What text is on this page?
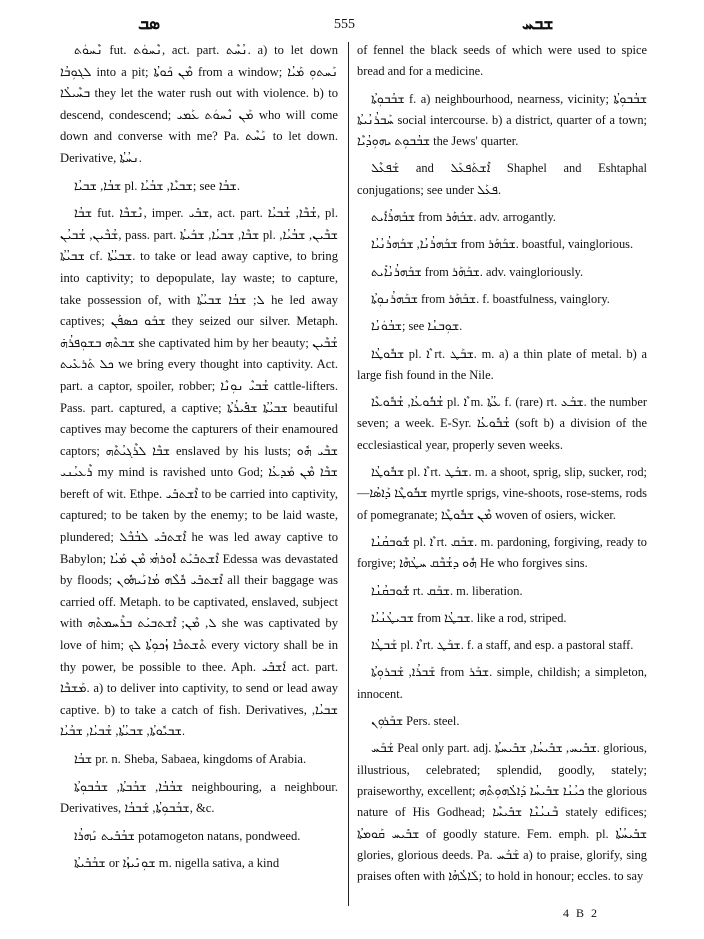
ܣܒ	555	ܫܒܚ

ܢܶܚܘܿܬ fut. ܢܶܚܘܿܬ, act. part. ܢܳܚܶܬ. a) to let down ܠܓܘܼܒܳܐ into a pit; ܡܶܢ ܟܰܘܬܳܐ from a window; ܢܰܚܬܘܼ ܡܰܝܳܐ ܒܚܶܝܠܳܐ they let the water rush out with violence. b) to descend, condescend; ܡܰܢ ܢܶܚܘܿܬ ܥܰܡܝ who will come down and converse with me? Pa. ܢܰܚܶܬ to let down. Derivative, ܢܚܳܬܳܐ.

ܫܒܳܐ, ܫܒܝܳܐ pl. ܫܒܝܶܐ, ܫܒܳܝܳܐ; see ܫܒܳܐ.

ܫܒܳܐ fut. ܢܶܫܒܶܐ, imper. ܫܒܺܝ, act. part. ܫܳܒܶܐ, ܫܳܒܝܳܐ, pl. ܫܳܒܶܝܢ, ܫܳܒܝܳܢ, pass. part. ܫܒܶܐ, ܫܒܝܳܐ, ܫܒܰܝܬܳܐ pl. ܫܒܶܝܢ, ܫܒܳܝܳܐ, ܫܒܝܳܬܳܐ cf. ܫܒܝܳܬܳܐ. to take or lead away captive, to bring into captivity; to depopulate, lay waste; to capture, take possession of, with ܠ; ܫܒܳܐ ܫܒܝܳܬܳܐ he led away captives; ܫܒܰܘ ܟܣܦܰܢ they seized our silver. Metaph. ܫܒܬܶܗ ܒܫܘܼܦܪܳܗ̇ she captivated him by her beauty; ܫܳܒܶܝܢ ܟܠ ܬܰܪܥܺܝܬ we bring every thought into captivity. Act. part. a captor, spoiler, robber; ܫܳܒܝܶ ܢܘܼܢܶܐ cattle-lifters. Pass. part. captured, a captive; ܫܒܝܳܬܳܐ ܫܦܺܝܪܳܬܳܐ beautiful captives may become the capturers of their enamoured captors; ܫܒܶܐ ܠܪܶܓܝܳܬܶܗ enslaved by his lusts; ܫܒܶܝ ܗܽܘ ܪܶܥܝܳܢܝ my mind is ravished unto God; ܫܒܶܐ ܡܶܢ ܡܰܕܥܳܐ bereft of wit. Ethpe. ܐܶܫܬܒܺܝ to be carried into captivity, captured; to be taken by the enemy; to be laid waste, plundered; ܐܶܫܬܒܺܝ ܠܒܳܒܶܠ he was led away captive to Babylon; ܐܶܫܬܒܺܝܰܬ ܐܽܘܪܗܳܝ ܡܶܢ ܡܰܝܳܐ Edessa was devastated by floods; ܐܶܫܬܒܺܝ ܟܽܠܶܗ ܡܳܐܢܰܝܗܽܘܢ all their baggage was carried off. Metaph. to be captivated, enslaved, subject with ܠ, ܡܶܢ; ܐܶܫܬܒܝܰܬ ܒܪܶܚܡܬܶܗ she was captivated by love of him; ܬܶܫܬܒܶܐ ܙܳܟܘܼܬܳܐ ܠܟ every victory shall be in thy power, be possible to thee. Aph. ܐܰܫܒܺܝ act. part. ܡܰܫܒܶܐ. a) to deliver into captivity, to send or lead away captive. b) to take a catch of fish. Derivatives, ܫܒܝܳܐ, ܫܒܝܽܘܬܳܐ, ܫܒܝܳܬܳܐ, ܫܳܒܝܳܐ, ܫܒܳܝܳܐ.

ܫܒܳܐ pr. n. Sheba, Sabaea, kingdoms of Arabia.

ܫܒܳܒܳܐ, ܫܒܳܒܬܳܐ, ܫܒܳܒܘܼܬܳܐ neighbouring, a neighbour. Derivatives, ܫܒܳܒܘܼܬܳܐ, ܫܰܒܒܳܐ, &c.

ܫܒܳܒܺܝܬ ܢܰܗܪܳܐ potamogeton natans, pondweed.

ܫܒܳܒܺܝܬܳܐ or ܫܘܼܢܺܝܙܳܐ m. nigella sativa, a kind

of fennel the black seeds of which were used to spice bread and for a medicine.

ܫܒܳܒܘܼܬܳܐ f. a) neighbourhood, nearness, vicinity; ܫܒܳܒܘܼܬܳܐ ܚܰܒܪܳܢܳܝܬܳܐ social intercourse. b) a district, quarter of a town; ܫܒܳܒܘܼܬ ܝܗܘܼܕܳܝܶܐ the Jews' quarter.

ܫܰܦܥܶܠ and ܐܶܫܬܰܦܥܰܠ Shaphel and Eshtaphal conjugations; see under ܦܥܰܠ.

ܫܒܰܗܪܳܐܺܝܬ from ܫܒܰܗܰܪ. adv. arrogantly.

ܫܒܰܗܪܳܢܳܐ, ܫܒܰܗܪܳܢܳܝܳܐ from ܫܒܰܗܰܪ. boastful, vainglorious.

ܫܒܰܗܪܳܢܳܐܺܝܬ from ܫܒܰܗܰܪ. adv. vaingloriously.

ܫܒܰܗܪܳܢܘܼܬܳܐ from ܫܒܰܗܰܪ. f. boastfulness, vainglory.

ܫܒܳܘܿܢܳܐ; see ܫܘܼܒܢܳܐ.

ܫܒܽܘܛܳܐ pl. ܶܐ rt. ܫܒܰܛ. m. a) a thin plate of metal. b) a large fish found in the Nile.

ܫܳܒܽܘܥܳܐ, ܫܳܒܽܘܥܶܐ pl. ܶܐ m. ܥܳܬܳܐ f. (rare) rt. ܫܒܰܥ. the number seven; a week. E-Syr. ܫܳܒܽܘܥܳܐ (soft b) a division of the ecclesiastical year, properly seven weeks.

ܫܒܽܘܛܳܐ pl. ܶܐ rt. ܫܒܰܛ. m. a shoot, sprig, slip, sucker, rod; —ܫܒܽܘܛܶܐ ܕܰܐܣܳܐ myrtle sprigs, vine-shoots, rose-stems, rods of pomegranate; ܡܶܢ ܫܒܽܘܛܶܐ woven of osiers, wicker.

ܫܽܘܒܩܳܢܳܐ pl. ܶܐ rt. ܫܒܰܩ. m. pardoning, forgiving, ready to forgive; ܗܽܘ ܕܫܳܒܶܩ ܚܛܳܗܶܐ He who forgives sins.

ܫܽܘܒܩܳܢܳܐ rt. ܫܒܰܩ. m. liberation.

ܫܒܝܛܳܢܳܝܳܐ from ܫܒܛܳܐ. like a rod, striped.

ܫܰܒܛܳܐ pl. ܶܐ rt. ܫܒܰܛ. f. a staff, and esp. a pastoral staff.

ܫܰܒܪܳܐ, ܫܰܒܪܘܼܬܳܐ from ܫܒܰܪ. simple, childish; a simpleton, innocent.

ܫܒܰܪܘܼܢ Pers. steel.

ܫܰܒܰܚ Peal only part. adj. ܫܒܺܝܚ, ܫܒܺܝܚܳܐ, ܫܒܺܝܚܬܳܐ. glorious, illustrious, celebrated; splendid, goodly, stately; praiseworthy, excellent; ܟܝܳܢܳܐ ܫܒܺܝܚܳܐ ܕܰܐܠܳܗܘܼܬܶܗ the glorious nature of His Godhead; ܒܶܢܝܳܢܶܐ ܫܒܺܝܚܶܐ stately edifices; ܫܒܺܝܚ ܩܰܘܡܬܳܐ of goodly stature. Fem. emph. pl. ܫܒܺܝܚܳܬܳܐ glories, glorious deeds. Pa. ܫܰܒܰܚ a) to praise, glorify, sing praises often with ܠܰܐܠܳܗܳܐ; to hold in honour; eccles. to say

4 B 2
